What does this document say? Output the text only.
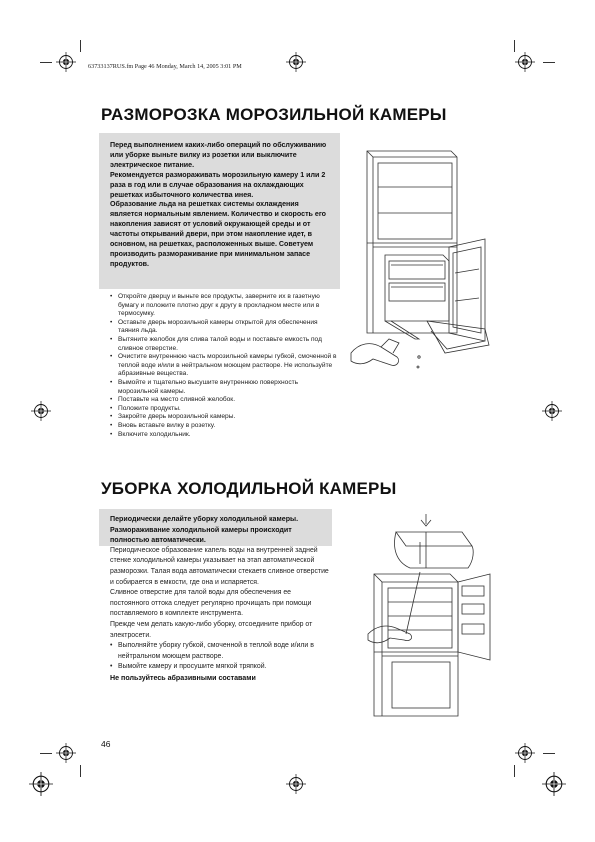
63733137RUS.fm Page 46 Monday, March 14, 2005 3:01 PM
РАЗМОРОЗКА МОРОЗИЛЬНОЙ КАМЕРЫ

Перед выполнением каких-либо операций по обслуживанию или уборке выньте вилку из розетки или выключите электрическое питание.

Рекомендуется размораживать морозильную камеру 1 или 2 раза в год или в случае образования на охлаждающих решетках избыточного количества инея.

Образование льда на решетках системы охлаждения является нормальным явлением. Количество и скорость его накопления зависят от условий окружающей среды и от частоты открываний двери, при этом накопление идет, в основном, на решетках, расположенных выше. Советуем производить размораживание при минимальном запасе продуктов.

• Откройте дверцу и выньте все продукты, заверните их в газетную бумагу и положите плотно друг к другу в прохладном месте или в термосумку.
• Оставьте дверь морозильной камеры открытой для обеспечения таяния льда.
• Вытяните желобок для слива талой воды и поставьте емкость под сливное отверстие.
• Очистите внутреннюю часть морозильной камеры губкой, смоченной в теплой воде и/или в нейтральном моющем растворе. Не используйте абразивные вещества.
• Вымойте и тщательно высушите внутреннюю поверхность морозильной камеры.
• Поставьте на место сливной желобок.
• Положите продукты.
• Закройте дверь морозильной камеры.
• Вновь вставьте вилку в розетку.
• Включите холодильник.
УБОРКА ХОЛОДИЛЬНОЙ КАМЕРЫ

Периодически делайте уборку холодильной камеры.

Размораживание холодильной камеры происходит полностью автоматически.

Периодическое образование капель воды на внутренней задней стенке холодильной камеры указывает на этап автоматической разморозки. Талая вода автоматически стекаетв сливное отверстие и собирается в емкости, где она и испаряется.

Сливное отверстие для талой воды для обеспечения ее постоянного оттока следует регулярно прочищать при помощи поставляемого в комплекте инструмента.

Прежде чем делать какую-либо уборку, отсоедините прибор от электросети.

• Выполняйте уборку губкой, смоченной в теплой воде и/или в нейтральном моющем растворе.
• Вымойте камеру и просушите мягкой тряпкой.

Не пользуйтесь абразивными составами

46
